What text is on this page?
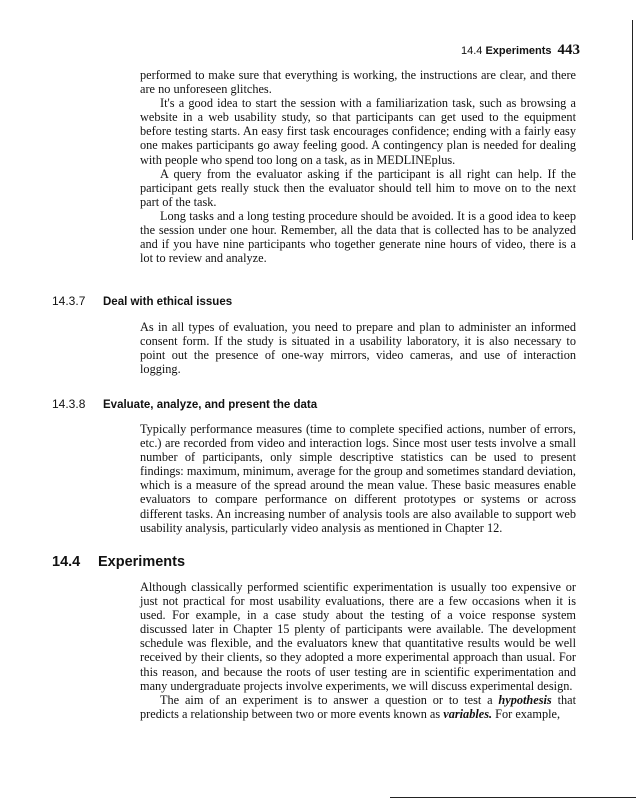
14.4 Experiments 443

performed to make sure that everything is working, the instructions are clear, and there are no unforeseen glitches.

It's a good idea to start the session with a familiarization task, such as browsing a website in a web usability study, so that participants can get used to the equipment before testing starts. An easy first task encourages confidence; ending with a fairly easy one makes participants go away feeling good. A contingency plan is needed for dealing with people who spend too long on a task, as in MEDLINEplus.

A query from the evaluator asking if the participant is all right can help. If the participant gets really stuck then the evaluator should tell him to move on to the next part of the task.

Long tasks and a long testing procedure should be avoided. It is a good idea to keep the session under one hour. Remember, all the data that is collected has to be analyzed and if you have nine participants who together generate nine hours of video, there is a lot to review and analyze.

14.3.7 Deal with ethical issues

As in all types of evaluation, you need to prepare and plan to administer an informed consent form. If the study is situated in a usability laboratory, it is also necessary to point out the presence of one-way mirrors, video cameras, and use of interaction logging.

14.3.8 Evaluate, analyze, and present the data

Typically performance measures (time to complete specified actions, number of errors, etc.) are recorded from video and interaction logs. Since most user tests involve a small number of participants, only simple descriptive statistics can be used to present findings: maximum, minimum, average for the group and sometimes standard deviation, which is a measure of the spread around the mean value. These basic measures enable evaluators to compare performance on different prototypes or systems or across different tasks. An increasing number of analysis tools are also available to support web usability analysis, particularly video analysis as mentioned in Chapter 12.

14.4 Experiments

Although classically performed scientific experimentation is usually too expensive or just not practical for most usability evaluations, there are a few occasions when it is used. For example, in a case study about the testing of a voice response system discussed later in Chapter 15 plenty of participants were available. The development schedule was flexible, and the evaluators knew that quantitative results would be well received by their clients, so they adopted a more experimental approach than usual. For this reason, and because the roots of user testing are in scientific experimentation and many undergraduate projects involve experiments, we will discuss experimental design.

The aim of an experiment is to answer a question or to test a hypothesis that predicts a relationship between two or more events known as variables. For example,
